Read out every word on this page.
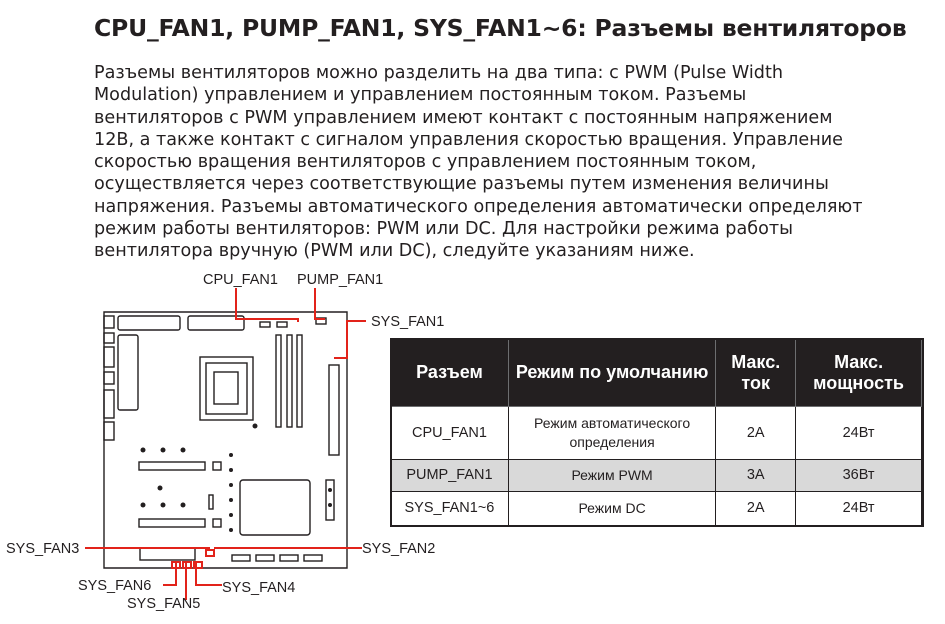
CPU_FAN1, PUMP_FAN1, SYS_FAN1~6: Разъемы вентиляторов

Разъемы вентиляторов можно разделить на два типа: с PWM (Pulse Width
Modulation) управлением и управлением постоянным током. Разъемы
вентиляторов с PWM управлением имеют контакт с постоянным напряжением
12В, а также контакт с сигналом управления скоростью вращения. Управление
скоростью вращения вентиляторов с управлением постоянным током,
осуществляется через соответствующие разъемы путем изменения величины
напряжения. Разъемы автоматического определения автоматически определяют
режим работы вентиляторов: PWM или DC. Для настройки режима работы
вентилятора вручную (PWM или DC), следуйте указаниям ниже.

CPU_FAN1 PUMP_FAN1
SYS_FAN1
SYS_FAN3	SYS_FAN2
SYS_FAN6	SYS_FAN4
SYS_FAN5
Разъем	Режим по умолчанию	Макс. ток	Макс. мощность
CPU_FAN1	Режим автоматического определения	2A	24Вт
PUMP_FAN1	Режим PWM	3A	36Вт
SYS_FAN1~6	Режим DC	2A	24Вт
